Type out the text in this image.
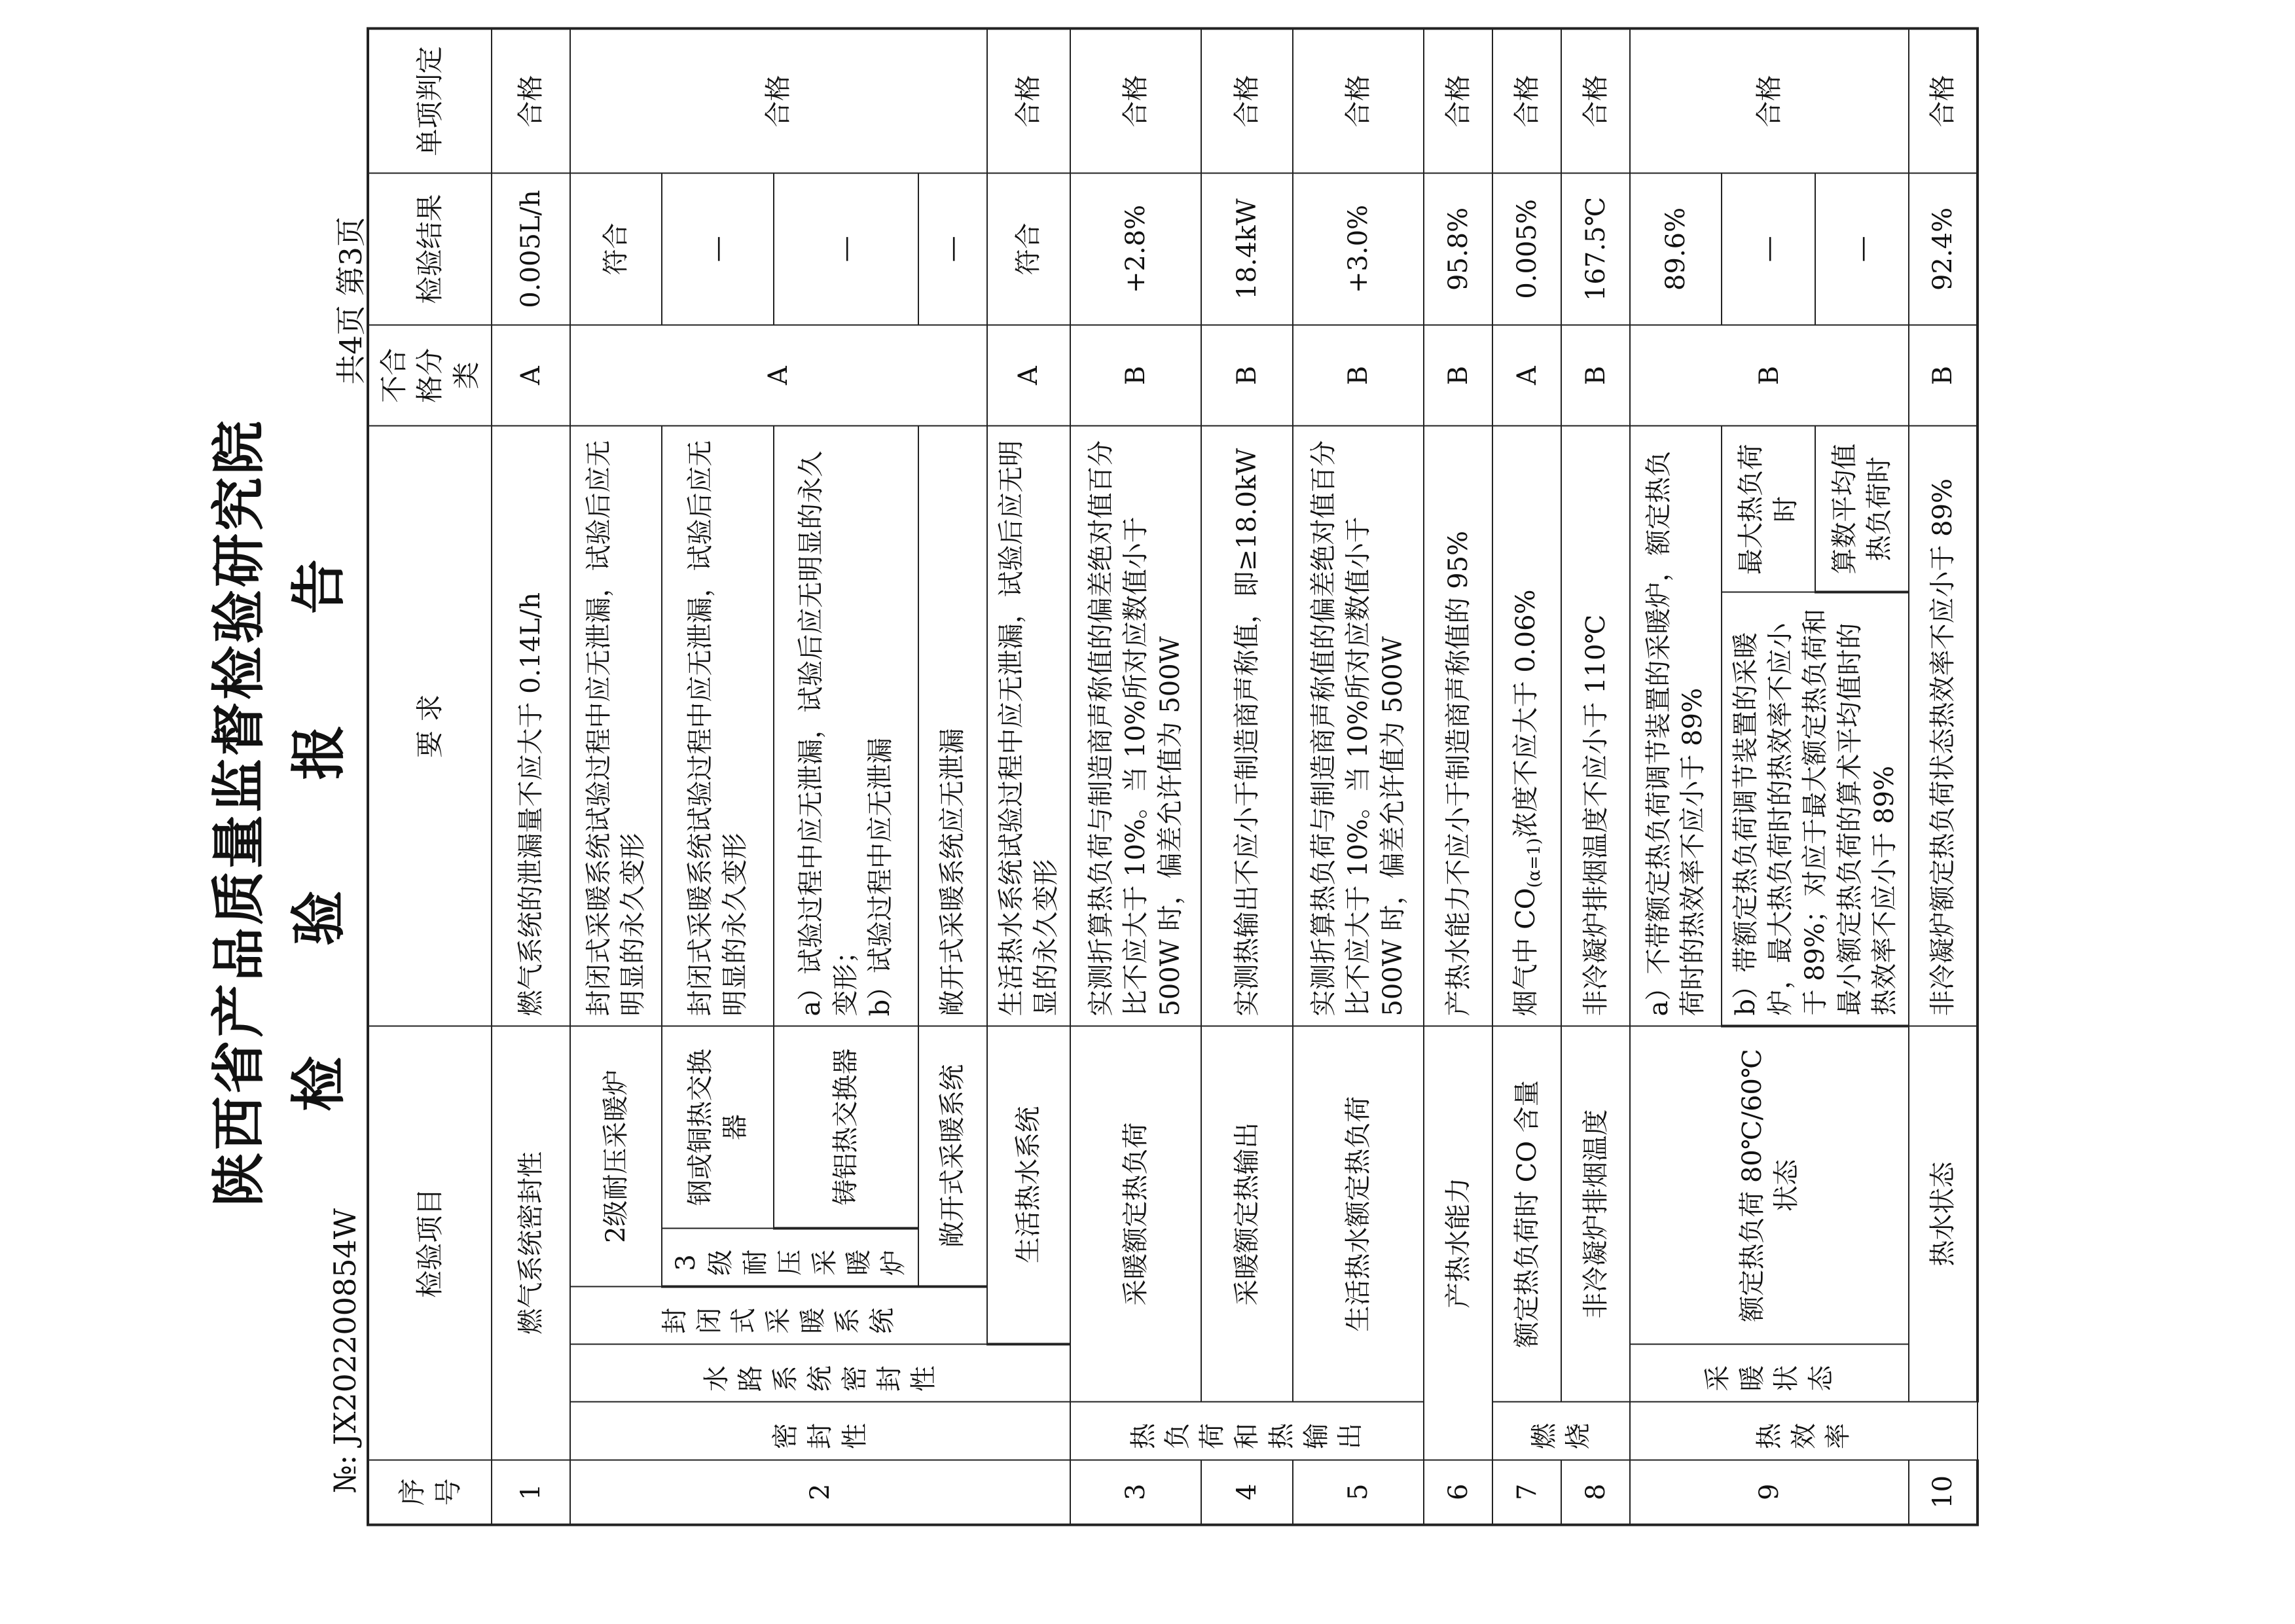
陕西省产品质量监督检验研究院 检 验 报 告
№: JX20220085​4W
共4页第3页
序号	检验项目					要 求		不合格分　类	检验结果	单项判定
1	燃气系统密封性					燃气系统的泄漏量不应大于 0.14L/h		A	0.005L/h	合格
2	密封性	水路系统密封性	封闭式采暖系统	2级耐压采暖炉		封闭式采暖系统试验过程中应无泄漏，试验后应无明显的永久变形		A	符合	合格
				3级耐压采暖炉	钢或铜热交换器	封闭式采暖系统试验过程中应无泄漏，试验后应无明显的永久变形			—	
					铸铝热交换器	a）试验过程中应无泄漏，试验后应无明显的永久变形；
b）试验过程中应无泄漏			—	
				敞开式采暖系统		敞开式采暖系统应无泄漏			—	
			生活热水系统			生活热水系统试验过程中应无泄漏，试验后应无明显的永久变形		A	符合	合格
3	热负荷和热输出	采暖额定热负荷				实测折算热负荷与制造商声称值的偏差绝对值百分比不应大于 10%。当 10%所对应数值小于 500W 时，偏差允许值为 500W		B	+2.8%	合格
4		采暖额定热输出				实测热输出不应小于制造商声称值，即≥18.0kW		B	18.4kW	合格
5		生活热水额定热负荷				实测折算热负荷与制造商声称值的偏差绝对值百分比不应大于 10%。当 10%所对应数值小于 500W 时，偏差允许值为 500W		B	+3.0%	合格
6	产热水能力					产热水能力不应小于制造商声称值的 95%		B	95.8%	合格
7	燃烧	额定热负荷时 CO 含量				烟气中 $CO_{(\alpha=1)}$浓度不应大于 0.06%		A	0.005%	合格
8		非冷凝炉排烟温度				非冷凝炉排烟温度不应小于 110℃		B	167.5℃	合格
9	热效率	采暖状态	额定热负荷 80℃/60℃状态			a）不带额定热负荷调节装置的采暖炉，额定热负荷时的热效率不应小于 89%		B	89.6%	合格
						b）带额定热负荷调节装置的采暖炉，最大热负荷时的热效率不应小于 89%；对应于最大额定热负荷和最小额定热负荷的算术平均值时的热效率不应小于 89%	最大热负荷时		—	
							算数平均值热负荷时		—	
10		热水状态				非冷凝炉额定热负荷状态热效率不应小于 89%		B	92.4%	合格
